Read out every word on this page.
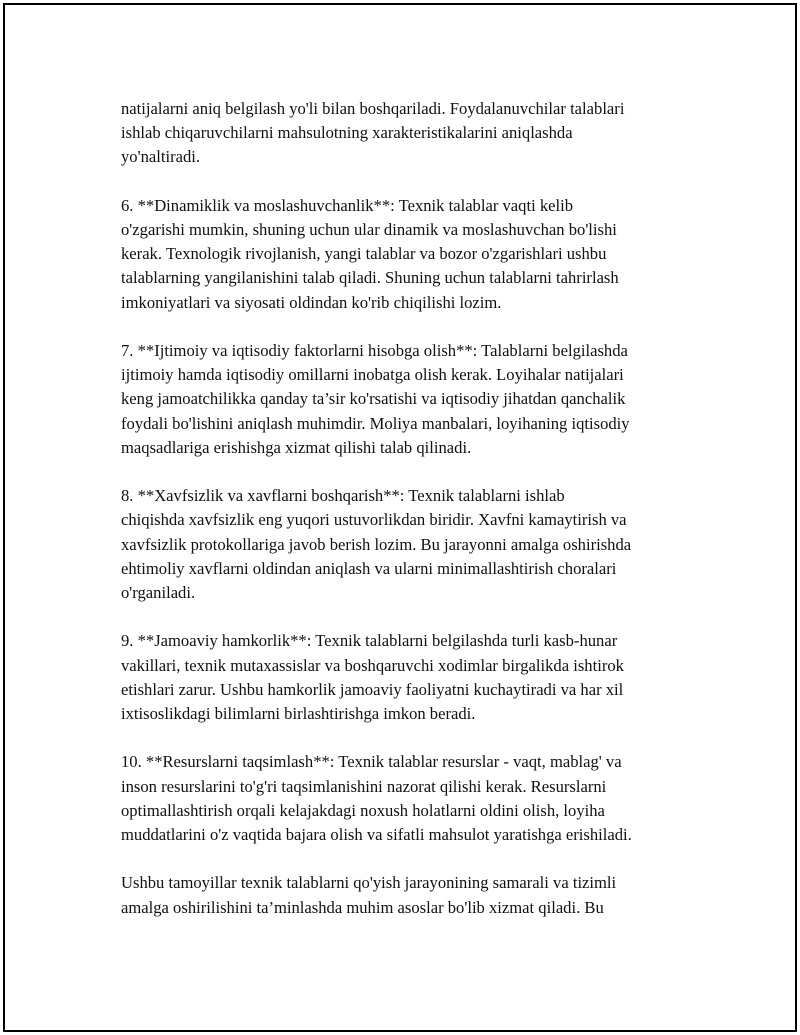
natijalarni aniq belgilash yo'li bilan boshqariladi. Foydalanuvchilar talablari
ishlab chiqaruvchilarni mahsulotning xarakteristikalarini aniqlashda
yo'naltiradi.

6. **Dinamiklik va moslashuvchanlik**: Texnik talablar vaqti kelib
o'zgarishi mumkin, shuning uchun ular dinamik va moslashuvchan bo'lishi
kerak. Texnologik rivojlanish, yangi talablar va bozor o'zgarishlari ushbu
talablarning yangilanishini talab qiladi. Shuning uchun talablarni tahrirlash
imkoniyatlari va siyosati oldindan ko'rib chiqilishi lozim.

7. **Ijtimoiy va iqtisodiy faktorlarni hisobga olish**: Talablarni belgilashda
ijtimoiy hamda iqtisodiy omillarni inobatga olish kerak. Loyihalar natijalari
keng jamoatchilikka qanday ta’sir ko'rsatishi va iqtisodiy jihatdan qanchalik
foydali bo'lishini aniqlash muhimdir. Moliya manbalari, loyihaning iqtisodiy
maqsadlariga erishishga xizmat qilishi talab qilinadi.

8. **Xavfsizlik va xavflarni boshqarish**: Texnik talablarni ishlab
chiqishda xavfsizlik eng yuqori ustuvorlikdan biridir. Xavfni kamaytirish va
xavfsizlik protokollariga javob berish lozim. Bu jarayonni amalga oshirishda
ehtimoliy xavflarni oldindan aniqlash va ularni minimallashtirish choralari
o'rganiladi.

9. **Jamoaviy hamkorlik**: Texnik talablarni belgilashda turli kasb-hunar
vakillari, texnik mutaxassislar va boshqaruvchi xodimlar birgalikda ishtirok
etishlari zarur. Ushbu hamkorlik jamoaviy faoliyatni kuchaytiradi va har xil
ixtisoslikdagi bilimlarni birlashtirishga imkon beradi.

10. **Resurslarni taqsimlash**: Texnik talablar resurslar - vaqt, mablag' va
inson resurslarini to'g'ri taqsimlanishini nazorat qilishi kerak. Resurslarni
optimallashtirish orqali kelajakdagi noxush holatlarni oldini olish, loyiha
muddatlarini o'z vaqtida bajara olish va sifatli mahsulot yaratishga erishiladi.

Ushbu tamoyillar texnik talablarni qo'yish jarayonining samarali va tizimli
amalga oshirilishini ta’minlashda muhim asoslar bo'lib xizmat qiladi. Bu
